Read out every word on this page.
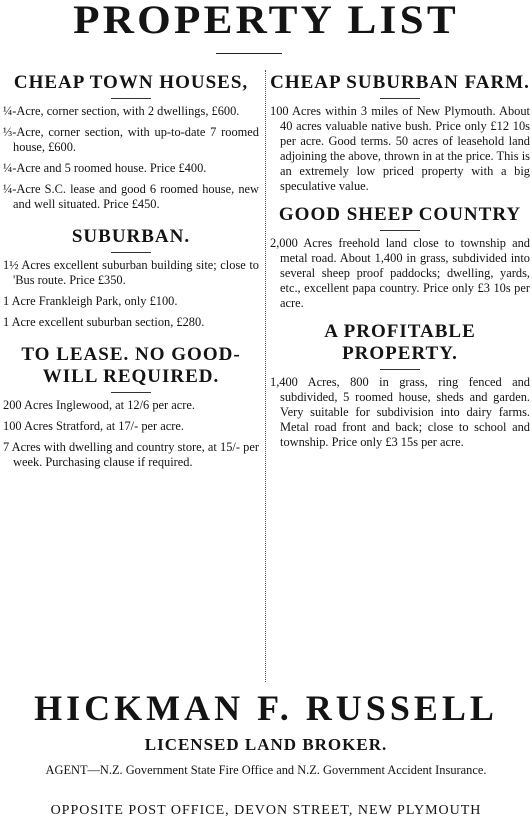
PROPERTY LIST
CHEAP TOWN HOUSES,

¼-Acre, corner section, with 2 dwellings, £600.

⅓-Acre, corner section, with up-to-date 7 roomed house, £600.

¼-Acre and 5 roomed house. Price £400.

¼-Acre S.C. lease and good 6 roomed house, new and well situated. Price £450.

SUBURBAN.

1½ Acres excellent suburban building site; close to 'Bus route. Price £350.

1 Acre Frankleigh Park, only £100.

1 Acre excellent suburban section, £280.

TO LEASE. NO GOOD-WILL REQUIRED.

200 Acres Inglewood, at 12/6 per acre.

100 Acres Stratford, at 17/- per acre.

7 Acres with dwelling and country store, at 15/- per week. Purchasing clause if required.

CHEAP SUBURBAN FARM.

100 Acres within 3 miles of New Plymouth. About 40 acres valuable native bush. Price only £12 10s per acre. Good terms. 50 acres of leasehold land adjoining the above, thrown in at the price. This is an extremely low priced property with a big speculative value.

GOOD SHEEP COUNTRY

2,000 Acres freehold land close to township and metal road. About 1,400 in grass, subdivided into several sheep proof paddocks; dwelling, yards, etc., excellent papa country. Price only £3 10s per acre.

A PROFITABLE PROPERTY.

1,400 Acres, 800 in grass, ring fenced and subdivided, 5 roomed house, sheds and garden. Very suitable for subdivision into dairy farms. Metal road front and back; close to school and township. Price only £3 15s per acre.

HICKMAN F. RUSSELL
LICENSED LAND BROKER.
AGENT—N.Z. Government State Fire Office and N.Z. Government Accident Insurance.
OPPOSITE POST OFFICE, DEVON STREET, NEW PLYMOUTH
